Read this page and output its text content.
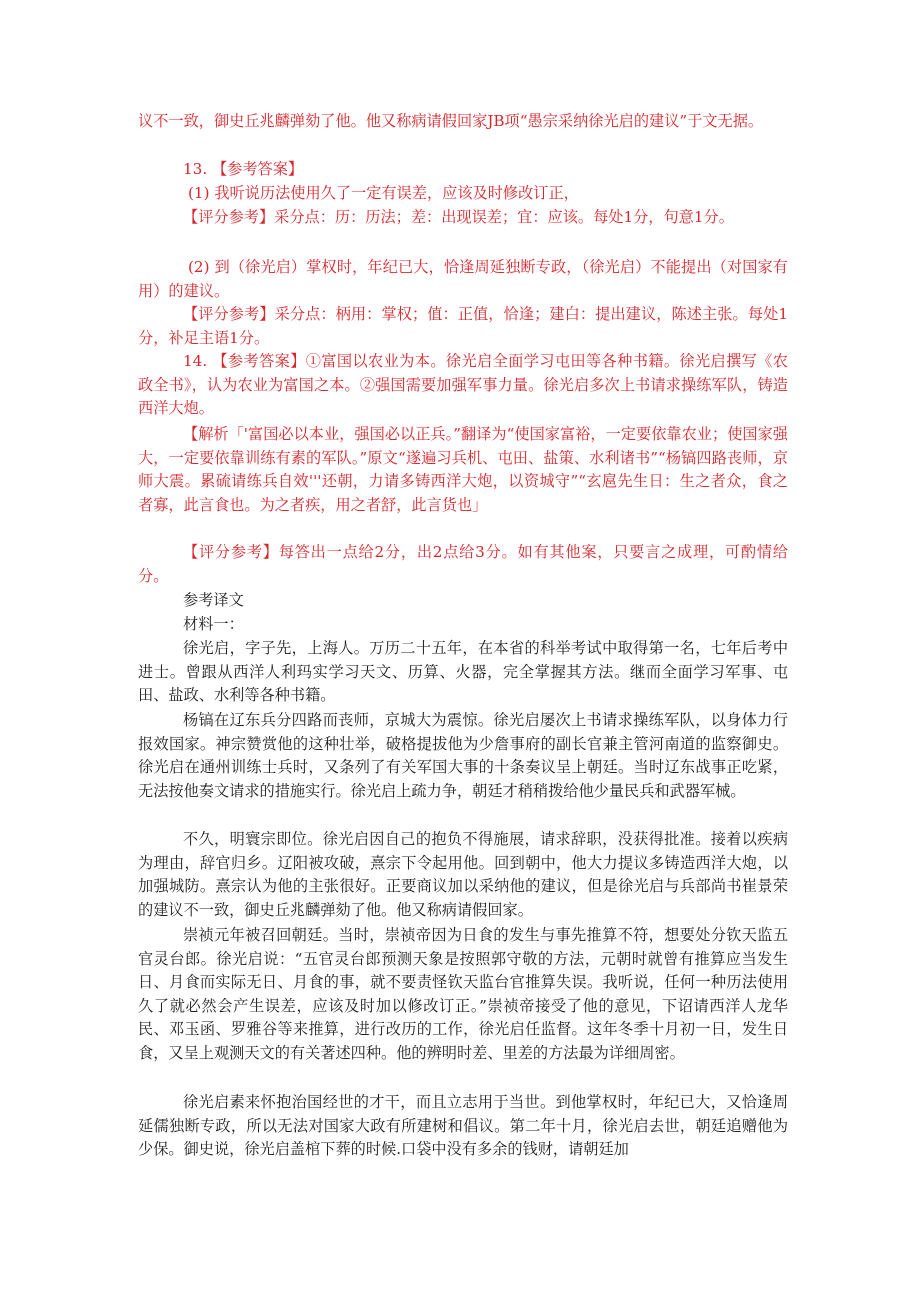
议不一致，御史丘兆麟弹劾了他。他又称病请假回家JB项“愚宗采纳徐光启的建议”于文无据。

13. 【参考答案】

(1) 我听说历法使用久了一定有误差，应该及时修改订正，

【评分参考】采分点：历：历法；差：出现误差；宜：应该。每处1分，句意1分。

(2) 到（徐光启）掌权时，年纪已大，恰逢周延独断专政，（徐光启）不能提出（对国家有用）的建议。

【评分参考】采分点：柄用：掌权；值：正值，恰逢；建白：提出建议，陈述主张。每处1分，补足主语1分。

14. 【参考答案】①富国以农业为本。徐光启全面学习屯田等各种书籍。徐光启撰写《农政全书》，认为农业为富国之本。②强国需要加强军事力量。徐光启多次上书请求操练军队，铸造西洋大炮。

【解析「'富国必以本业，强国必以正兵。”翻译为“使国家富裕，一定要依靠农业；使国家强大，一定要依靠训练有素的军队。”原文“遂遍习兵机、屯田、盐策、水利诸书”“杨镐四路丧师，京师大震。累硫请练兵自效'''还朝，力请多铸西洋大炮，以资城守”“玄扈先生日：生之者众，食之者寡，此言食也。为之者疾，用之者舒，此言货也」

【评分参考】每答出一点给2分，出2点给3分。如有其他案，只要言之成理，可酌情给分。

参考译文

材料一：

徐光启，字子先，上海人。万历二十五年，在本省的科举考试中取得第一名，七年后考中进士。曾跟从西洋人利玛实学习天文、历算、火器，完全掌握其方法。继而全面学习军事、屯田、盐政、水利等各种书籍。

杨镐在辽东兵分四路而丧师，京城大为震惊。徐光启屡次上书请求操练军队，以身体力行报效国家。神宗赞赏他的这种壮举，破格提拔他为少詹事府的副长官兼主管河南道的监察御史。徐光启在通州训练士兵时，又条列了有关军国大事的十条奏议呈上朝廷。当时辽东战事正吃紧，无法按他奏文请求的措施实行。徐光启上疏力争，朝廷才稍稍拨给他少量民兵和武器军械。

不久，明寰宗即位。徐光启因自己的抱负不得施展，请求辞职，没获得批准。接着以疾病为理由，辞官归乡。辽阳被攻破，熹宗下令起用他。回到朝中，他大力提议多铸造西洋大炮，以加强城防。熹宗认为他的主张很好。正要商议加以采纳他的建议，但是徐光启与兵部尚书崔景荣的建议不一致，御史丘兆麟弹劾了他。他又称病请假回家。

崇祯元年被召回朝廷。当时，崇祯帝因为日食的发生与事先推算不符，想要处分钦天监五官灵台郎。徐光启说：“五官灵台郎预测天象是按照郭守敬的方法，元朝时就曾有推算应当发生日、月食而实际无日、月食的事，就不要责怪钦天监台官推算失误。我听说，任何一种历法使用久了就必然会产生误差，应该及时加以修改订正。”崇祯帝接受了他的意见，下诏请西洋人龙华民、邓玉函、罗雅谷等来推算，进行改历的工作，徐光启任监督。这年冬季十月初一日，发生日食，又呈上观测天文的有关著述四种。他的辨明时差、里差的方法最为详细周密。

徐光启素来怀抱治国经世的才干，而且立志用于当世。到他掌权时，年纪已大，又恰逢周延儒独断专政，所以无法对国家大政有所建树和倡议。第二年十月，徐光启去世，朝廷追赠他为少保。御史说，徐光启盖棺下葬的时候.口袋中没有多余的钱财，请朝廷加
